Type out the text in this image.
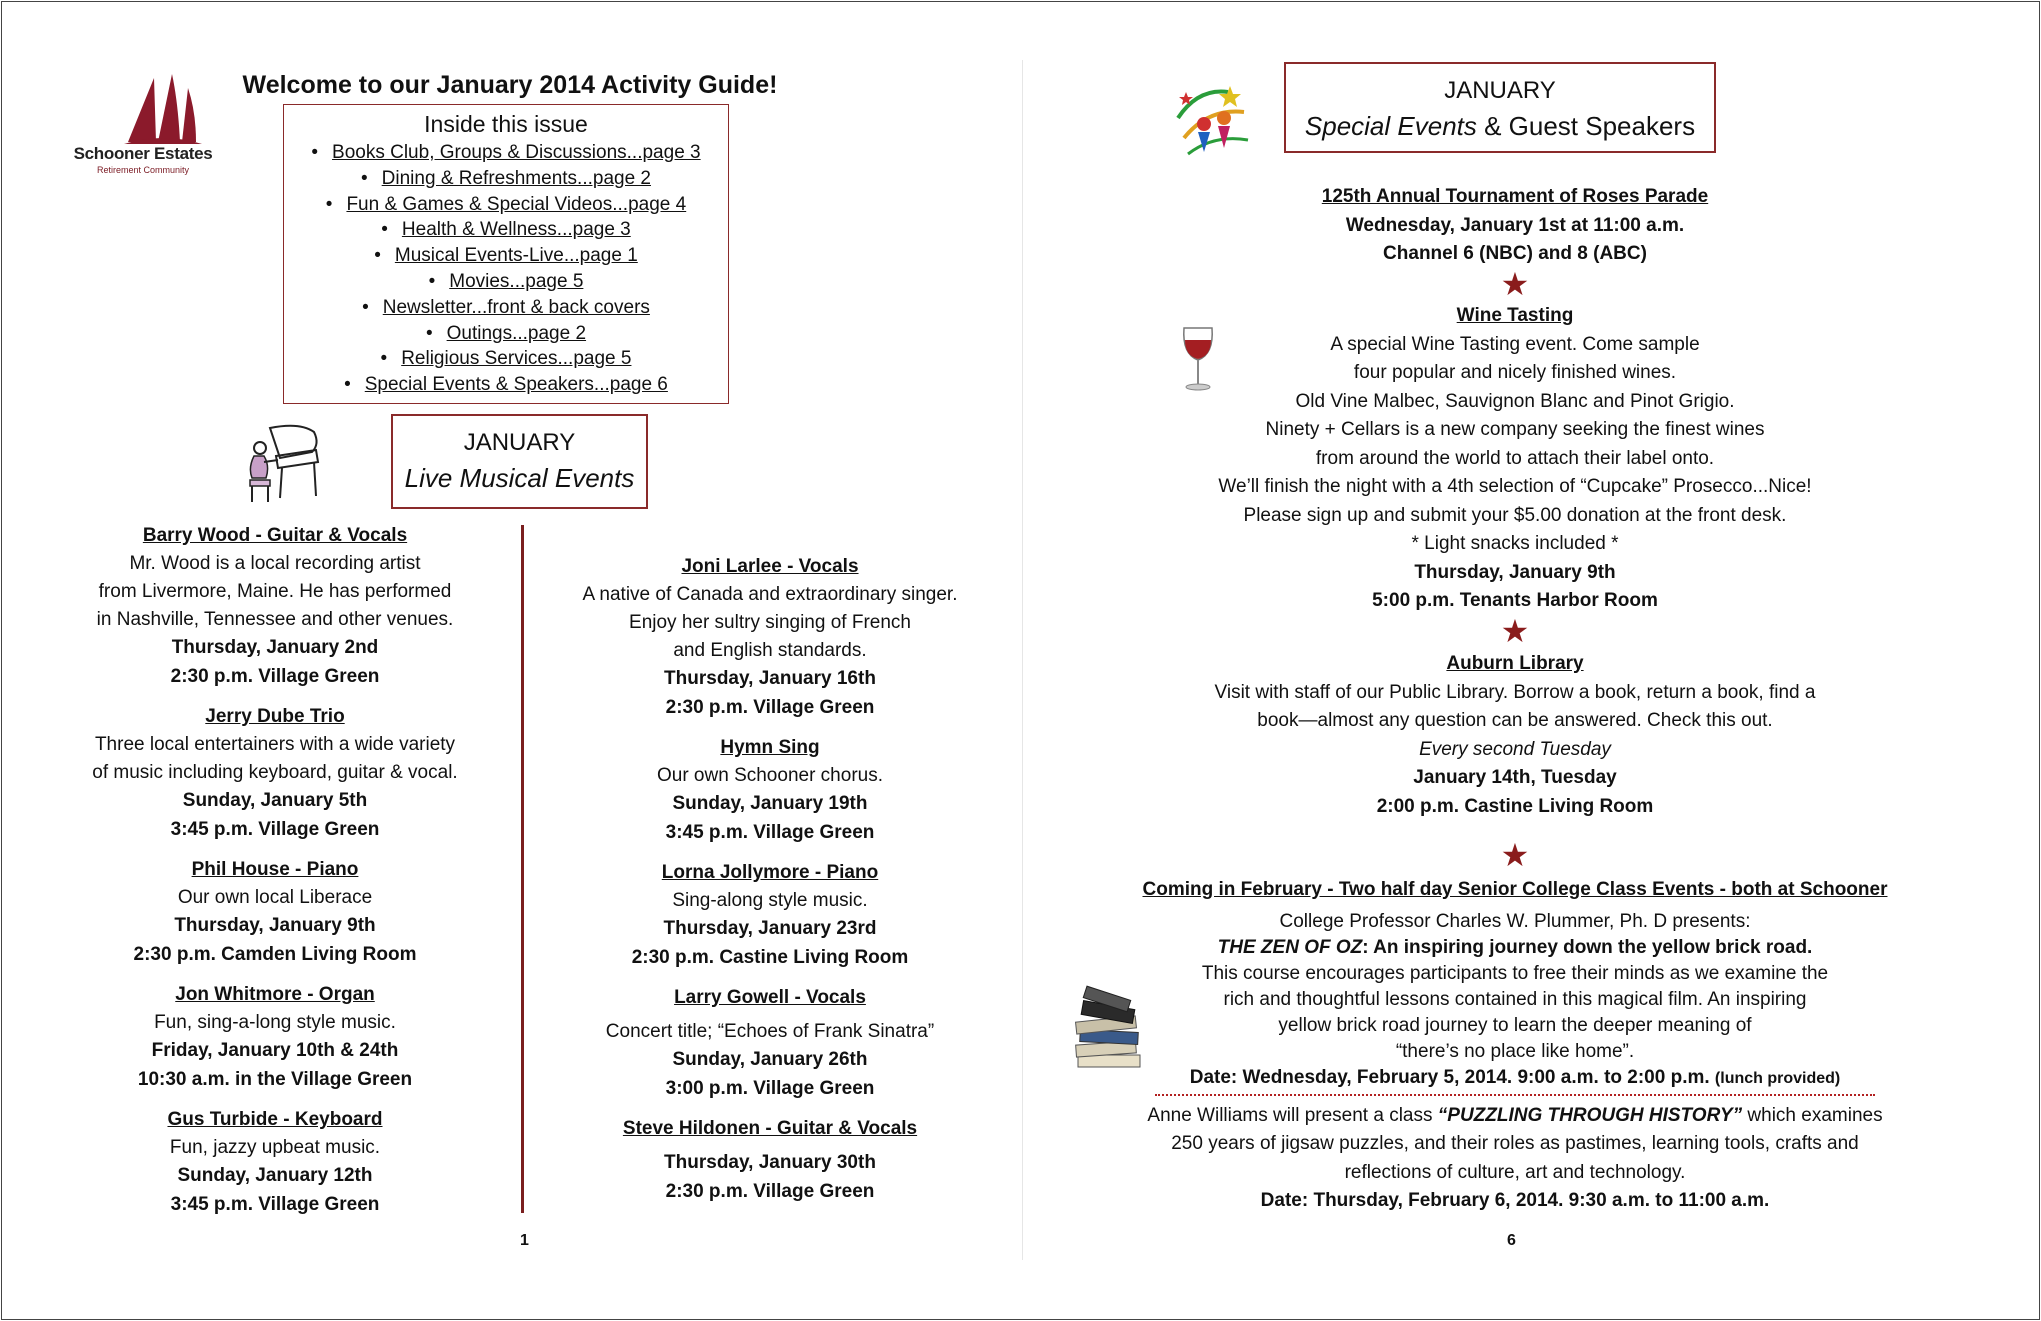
Schooner Estates
Retirement Community
Welcome to our January 2014 Activity Guide!
Inside this issue
• Books Club, Groups & Discussions...page 3
• Dining & Refreshments...page 2
• Fun & Games & Special Videos...page 4
• Health & Wellness...page 3
• Musical Events-Live...page 1
• Movies...page 5
• Newsletter...front & back covers
• Outings...page 2
• Religious Services...page 5
• Special Events & Speakers...page 6
JANUARY
Live Musical Events
Barry Wood - Guitar & Vocals
Mr. Wood is a local recording artist
from Livermore, Maine. He has performed
in Nashville, Tennessee and other venues.
Thursday, January 2nd
2:30 p.m. Village Green
Jerry Dube Trio
Three local entertainers with a wide variety
of music including keyboard, guitar & vocal.
Sunday, January 5th
3:45 p.m. Village Green
Phil House - Piano
Our own local Liberace
Thursday, January 9th
2:30 p.m. Camden Living Room
Jon Whitmore - Organ
Fun, sing-a-long style music.
Friday, January 10th & 24th
10:30 a.m. in the Village Green
Gus Turbide - Keyboard
Fun, jazzy upbeat music.
Sunday, January 12th
3:45 p.m. Village Green
Joni Larlee - Vocals
A native of Canada and extraordinary singer.
Enjoy her sultry singing of French
and English standards.
Thursday, January 16th
2:30 p.m. Village Green
Hymn Sing
Our own Schooner chorus.
Sunday, January 19th
3:45 p.m. Village Green
Lorna Jollymore - Piano
Sing-along style music.
Thursday, January 23rd
2:30 p.m. Castine Living Room
Larry Gowell - Vocals
Concert title; “Echoes of Frank Sinatra”
Sunday, January 26th
3:00 p.m. Village Green
Steve Hildonen - Guitar & Vocals
Thursday, January 30th
2:30 p.m. Village Green
1
JANUARY
Special Events & Guest Speakers
125th Annual Tournament of Roses Parade
Wednesday, January 1st at 11:00 a.m.
Channel 6 (NBC) and 8 (ABC)
★
Wine Tasting
A special Wine Tasting event. Come sample
four popular and nicely finished wines.
Old Vine Malbec, Sauvignon Blanc and Pinot Grigio.
Ninety + Cellars is a new company seeking the finest wines
from around the world to attach their label onto.
We’ll finish the night with a 4th selection of “Cupcake” Prosecco...Nice!
Please sign up and submit your $5.00 donation at the front desk.
* Light snacks included *
Thursday, January 9th
5:00 p.m. Tenants Harbor Room
★
Auburn Library
Visit with staff of our Public Library. Borrow a book, return a book, find a
book—almost any question can be answered. Check this out.
Every second Tuesday
January 14th, Tuesday
2:00 p.m. Castine Living Room
★
Coming in February - Two half day Senior College Class Events - both at Schooner
College Professor Charles W. Plummer, Ph. D presents:
THE ZEN OF OZ: An inspiring journey down the yellow brick road.
This course encourages participants to free their minds as we examine the
rich and thoughtful lessons contained in this magical film. An inspiring
yellow brick road journey to learn the deeper meaning of
“there’s no place like home”.
Date: Wednesday, February 5, 2014. 9:00 a.m. to 2:00 p.m. (lunch provided)
Anne Williams will present a class “PUZZLING THROUGH HISTORY” which examines
250 years of jigsaw puzzles, and their roles as pastimes, learning tools, crafts and
reflections of culture, art and technology.
Date: Thursday, February 6, 2014. 9:30 a.m. to 11:00 a.m.
6
